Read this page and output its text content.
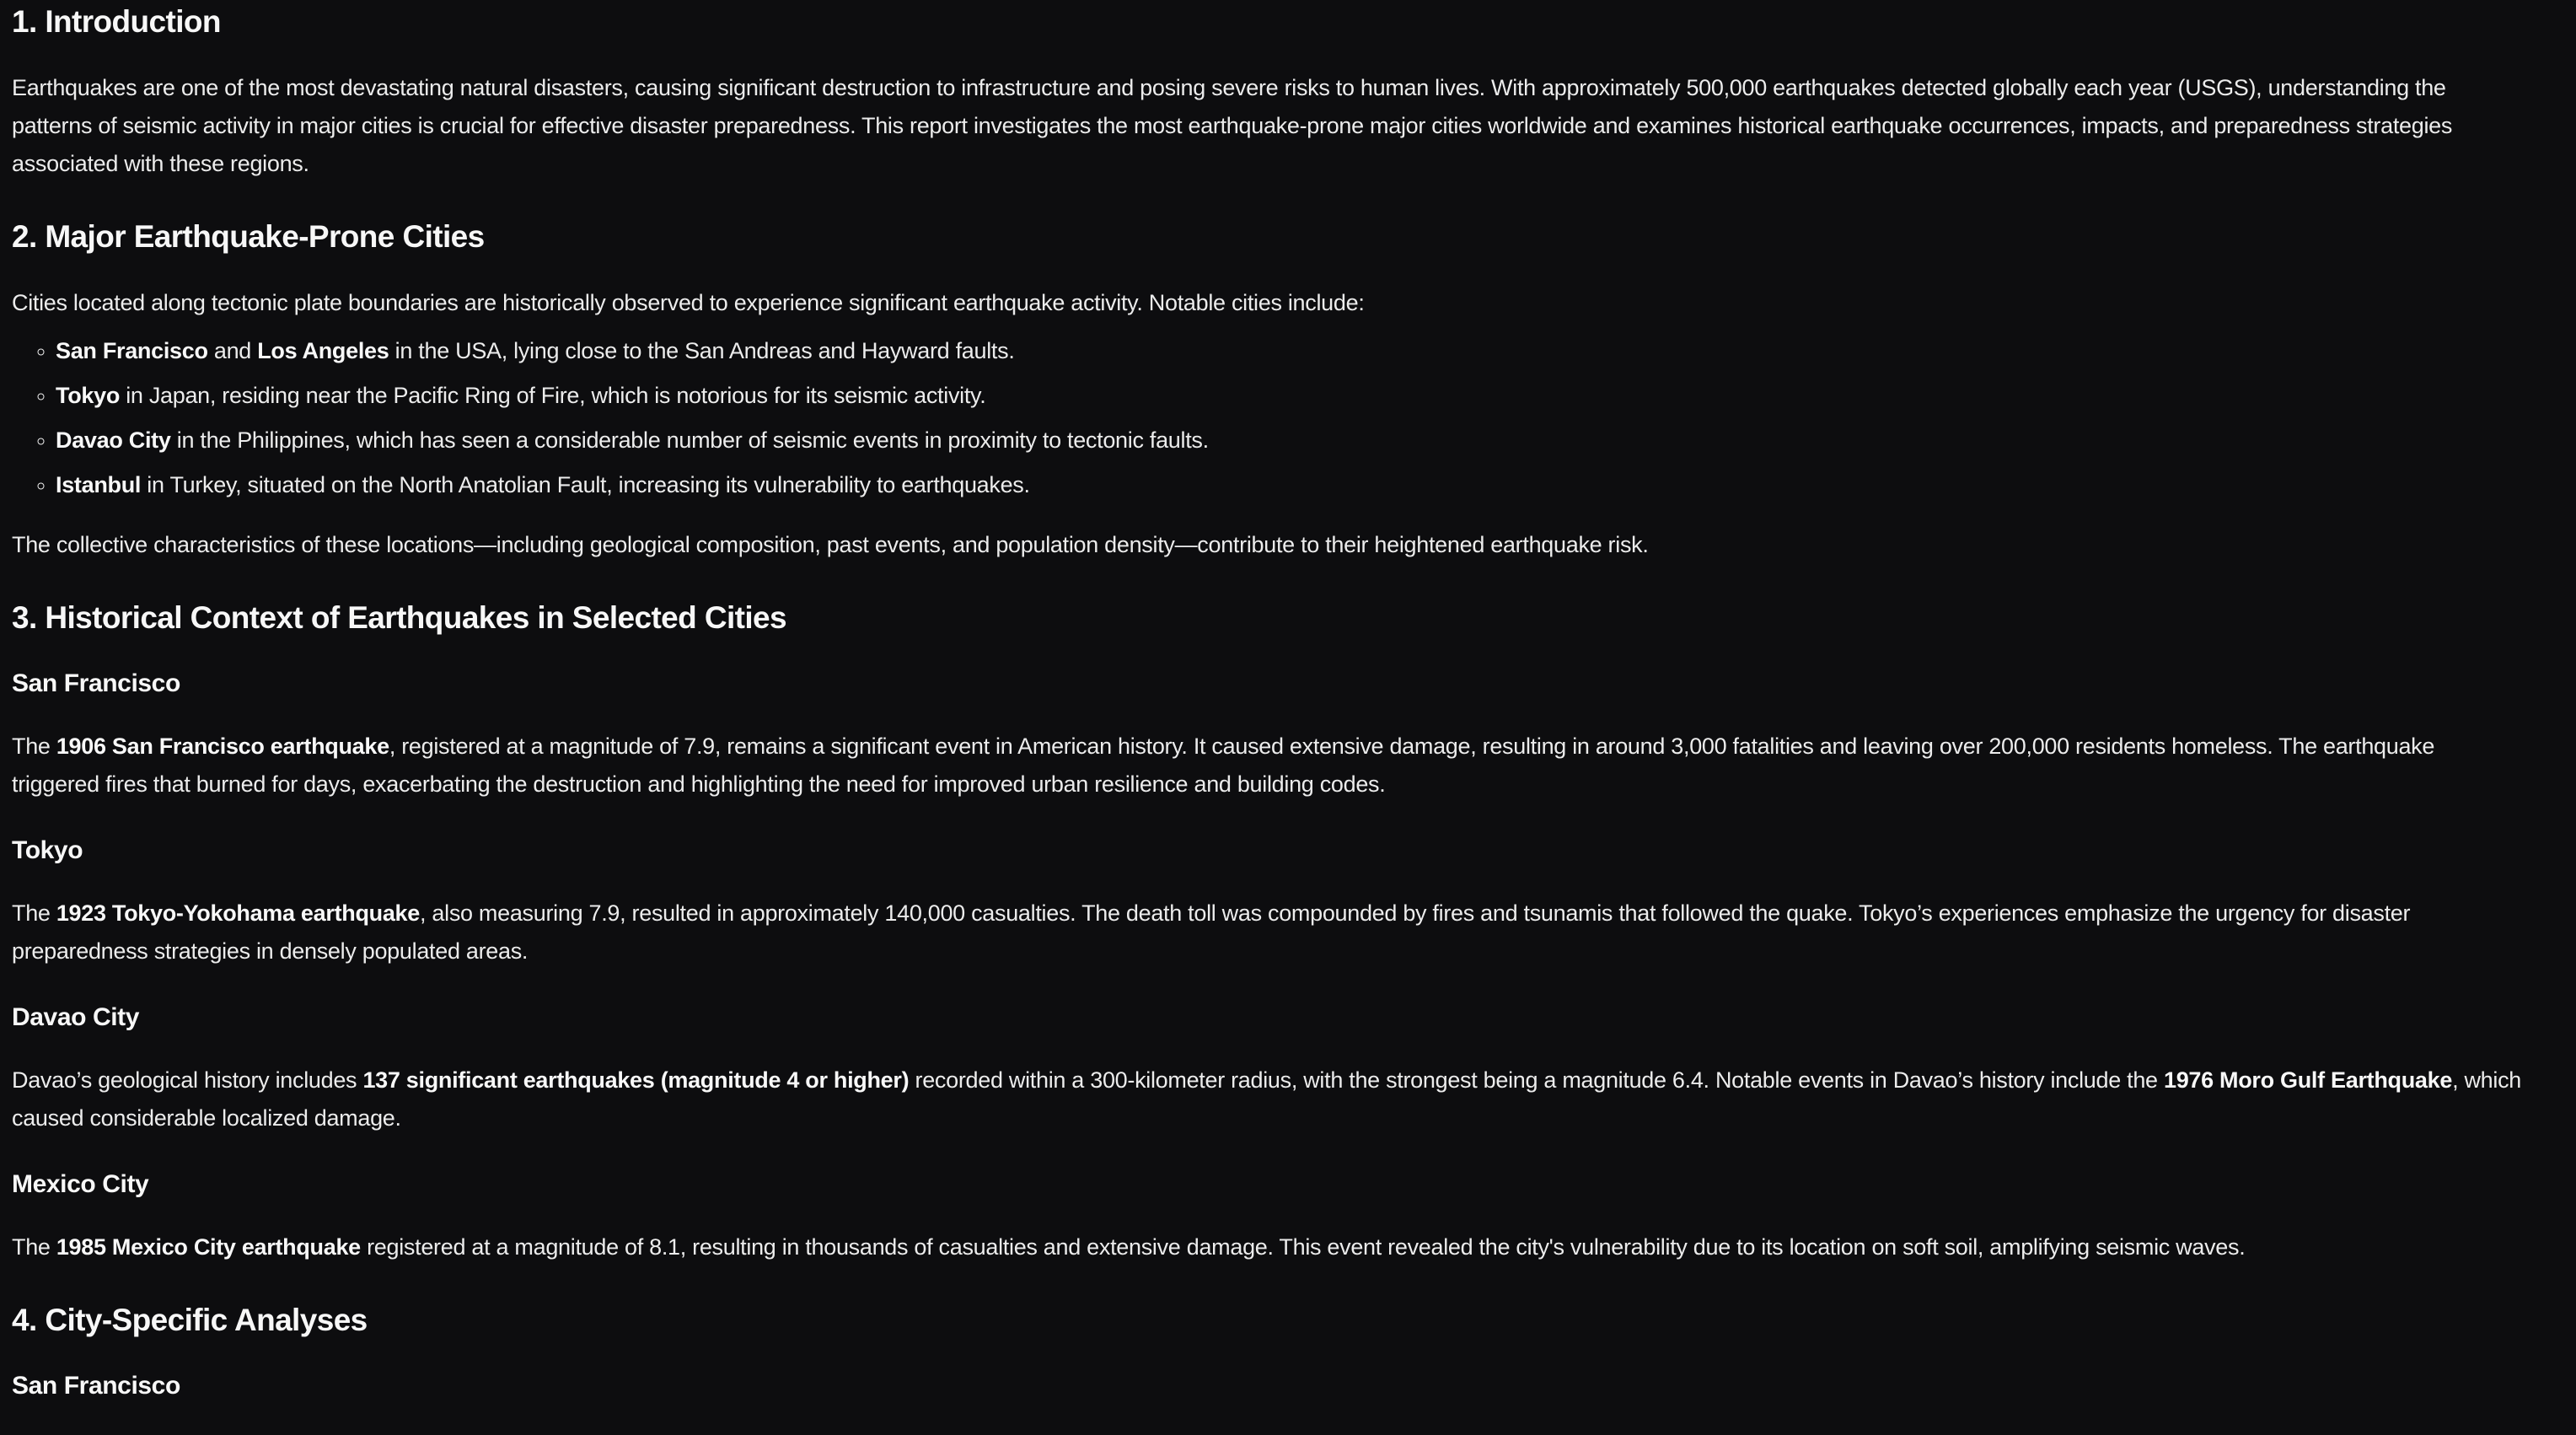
1. Introduction

Earthquakes are one of the most devastating natural disasters, causing significant destruction to infrastructure and posing severe risks to human lives. With approximately 500,000 earthquakes detected globally each year (USGS), understanding the patterns of seismic activity in major cities is crucial for effective disaster preparedness. This report investigates the most earthquake-prone major cities worldwide and examines historical earthquake occurrences, impacts, and preparedness strategies associated with these regions.

2. Major Earthquake-Prone Cities

Cities located along tectonic plate boundaries are historically observed to experience significant earthquake activity. Notable cities include:

◦ San Francisco and Los Angeles in the USA, lying close to the San Andreas and Hayward faults.
◦ Tokyo in Japan, residing near the Pacific Ring of Fire, which is notorious for its seismic activity.
◦ Davao City in the Philippines, which has seen a considerable number of seismic events in proximity to tectonic faults.
◦ Istanbul in Turkey, situated on the North Anatolian Fault, increasing its vulnerability to earthquakes.

The collective characteristics of these locations—including geological composition, past events, and population density—contribute to their heightened earthquake risk.

3. Historical Context of Earthquakes in Selected Cities
San Francisco

The 1906 San Francisco earthquake, registered at a magnitude of 7.9, remains a significant event in American history. It caused extensive damage, resulting in around 3,000 fatalities and leaving over 200,000 residents homeless. The earthquake triggered fires that burned for days, exacerbating the destruction and highlighting the need for improved urban resilience and building codes.

Tokyo

The 1923 Tokyo-Yokohama earthquake, also measuring 7.9, resulted in approximately 140,000 casualties. The death toll was compounded by fires and tsunamis that followed the quake. Tokyo’s experiences emphasize the urgency for disaster preparedness strategies in densely populated areas.

Davao City

Davao’s geological history includes 137 significant earthquakes (magnitude 4 or higher) recorded within a 300-kilometer radius, with the strongest being a magnitude 6.4. Notable events in Davao’s history include the 1976 Moro Gulf Earthquake, which caused considerable localized damage.

Mexico City

The 1985 Mexico City earthquake registered at a magnitude of 8.1, resulting in thousands of casualties and extensive damage. This event revealed the city's vulnerability due to its location on soft soil, amplifying seismic waves.

4. City-Specific Analyses
San Francisco
